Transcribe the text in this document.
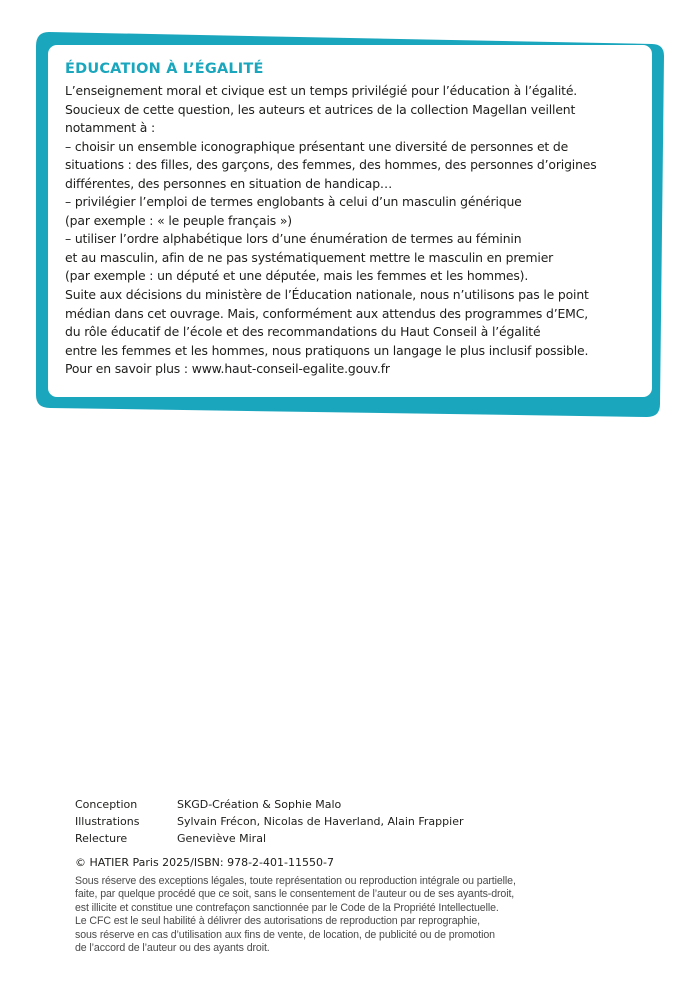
ÉDUCATION À L’ÉGALITÉ
L’enseignement moral et civique est un temps privilégié pour l’éducation à l’égalité.
Soucieux de cette question, les auteurs et autrices de la collection Magellan veillent
notamment à :
– choisir un ensemble iconographique présentant une diversité de personnes et de
situations : des filles, des garçons, des femmes, des hommes, des personnes d’origines
différentes, des personnes en situation de handicap…
– privilégier l’emploi de termes englobants à celui d’un masculin générique
(par exemple : « le peuple français »)
– utiliser l’ordre alphabétique lors d’une énumération de termes au féminin
et au masculin, afin de ne pas systématiquement mettre le masculin en premier
(par exemple : un député et une députée, mais les femmes et les hommes).
Suite aux décisions du ministère de l’Éducation nationale, nous n’utilisons pas le point
médian dans cet ouvrage. Mais, conformément aux attendus des programmes d’EMC,
du rôle éducatif de l’école et des recommandations du Haut Conseil à l’égalité
entre les femmes et les hommes, nous pratiquons un langage le plus inclusif possible.
Pour en savoir plus : www.haut-conseil-egalite.gouv.fr
Conception	SKGD-Création & Sophie Malo
Illustrations	Sylvain Frécon, Nicolas de Haverland, Alain Frappier
Relecture	Geneviève Miral
© HATIER Paris 2025/ISBN: 978-2-401-11550-7
Sous réserve des exceptions légales, toute représentation ou reproduction intégrale ou partielle,
faite, par quelque procédé que ce soit, sans le consentement de l’auteur ou de ses ayants-droit,
est illicite et constitue une contrefaçon sanctionnée par le Code de la Propriété Intellectuelle.
Le CFC est le seul habilité à délivrer des autorisations de reproduction par reprographie,
sous réserve en cas d’utilisation aux fins de vente, de location, de publicité ou de promotion
de l’accord de l’auteur ou des ayants droit.
